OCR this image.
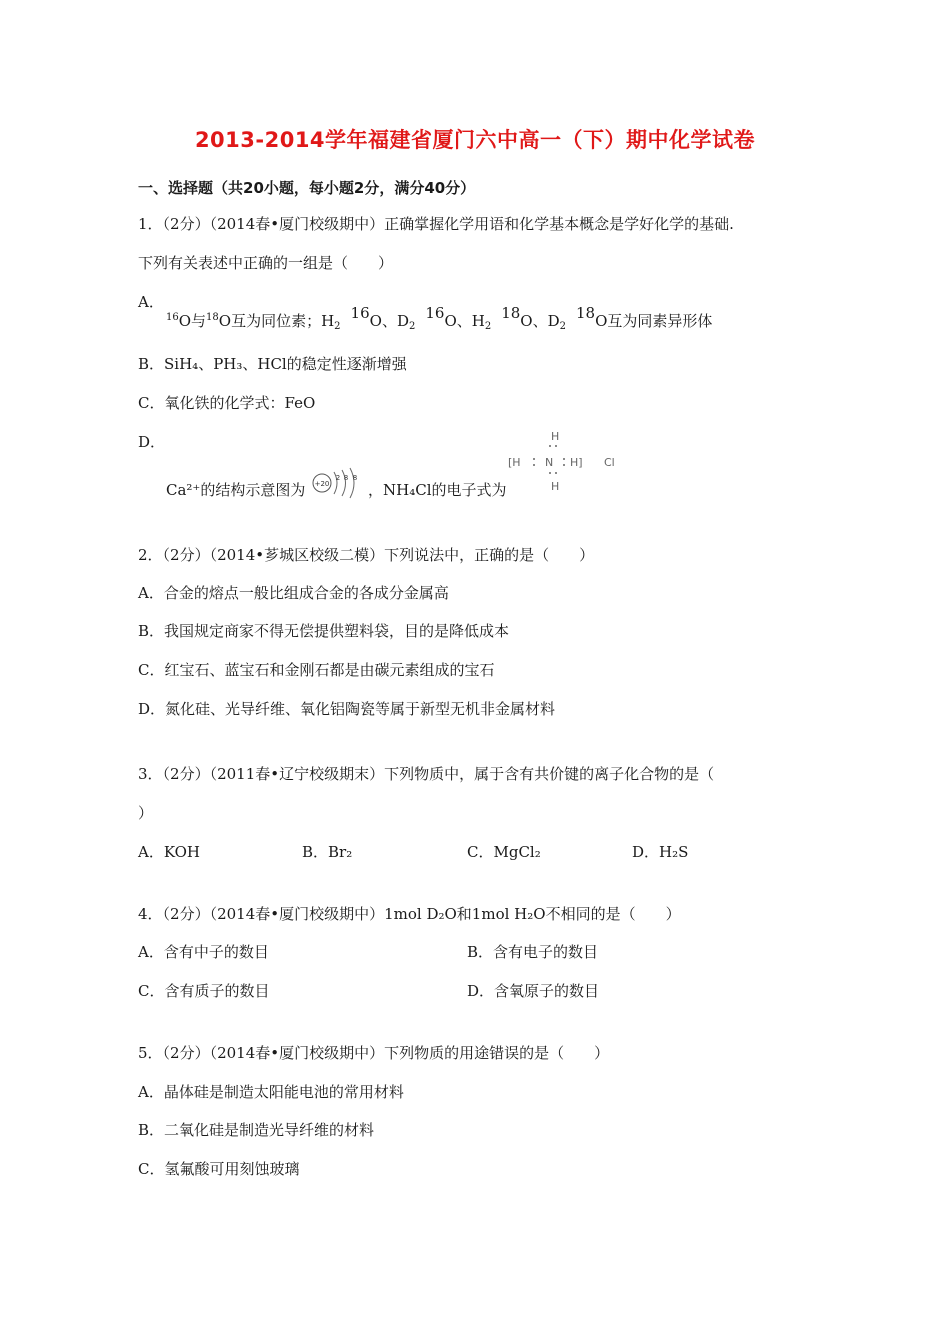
2013-2014学年福建省厦门六中高一（下）期中化学试卷
一、选择题（共20小题，每小题2分，满分40分）
1．（2分）（2014春•厦门校级期中）正确掌握化学用语和化学基本概念是学好化学的基础.
下列有关表述中正确的一组是（　　）
A．
$^{16}$O与$^{18}$O互为同位素；$H_216O$、$D_216O$、$H_218O$、$D_218O$互为同素异形体
B．SiH₄、PH₃、HCl的稳定性逐渐增强
C．氧化铁的化学式：FeO
D．
Ca²⁺的结构示意图为	，NH₄Cl的电子式为
+20
2 8 8
H
[H N H]
H
Cl
2．（2分）（2014•芗城区校级二模）下列说法中，正确的是（　　）
A．合金的熔点一般比组成合金的各成分金属高
B．我国规定商家不得无偿提供塑料袋，目的是降低成本
C．红宝石、蓝宝石和金刚石都是由碳元素组成的宝石
D．氮化硅、光导纤维、氧化铝陶瓷等属于新型无机非金属材料
3．（2分）（2011春•辽宁校级期末）下列物质中，属于含有共价键的离子化合物的是（
）
A．KOH	B．Br₂	C．MgCl₂	D．H₂S
4．（2分）（2014春•厦门校级期中）1mol D₂O和1mol H₂O不相同的是（　　）
A．含有中子的数目	B．含有电子的数目
C．含有质子的数目	D．含氧原子的数目
5．（2分）（2014春•厦门校级期中）下列物质的用途错误的是（　　）
A．晶体硅是制造太阳能电池的常用材料
B．二氧化硅是制造光导纤维的材料
C．氢氟酸可用刻蚀玻璃
